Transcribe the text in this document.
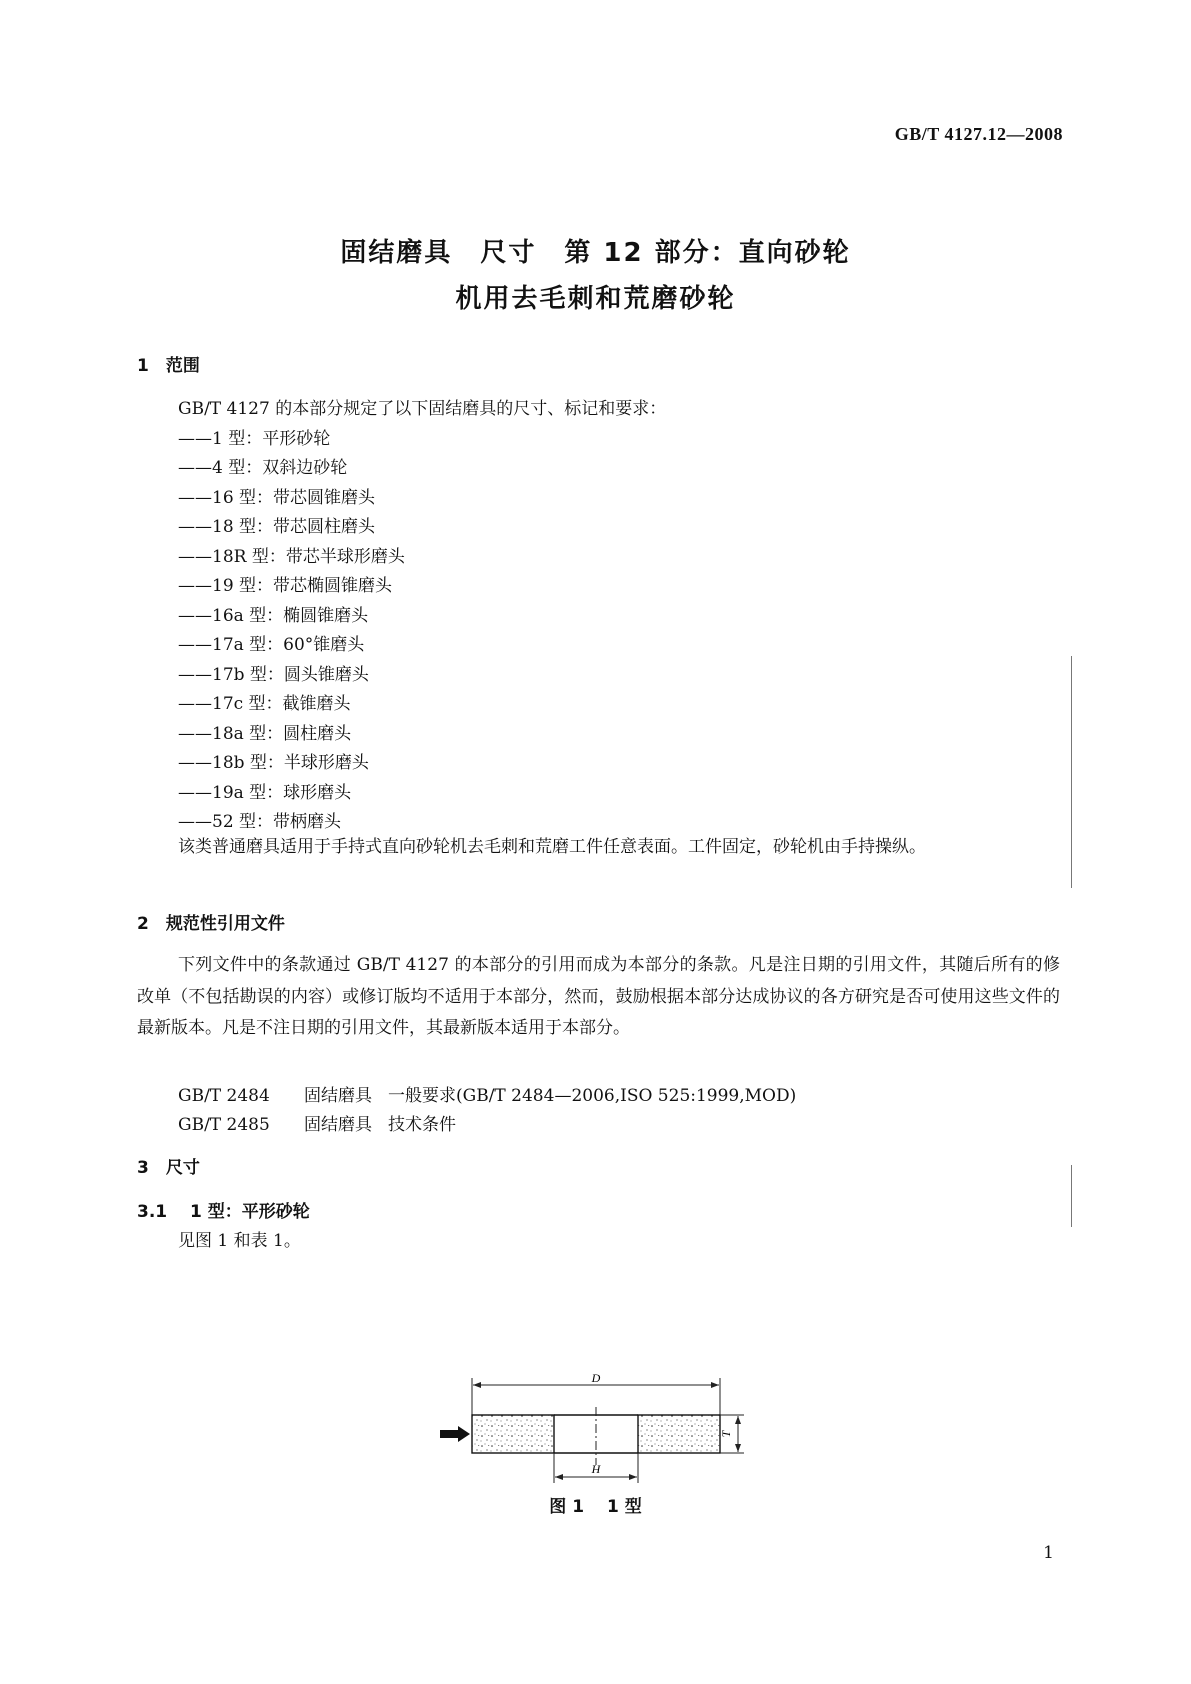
GB/T 4127.12—2008
固结磨具　尺寸　第 12 部分：直向砂轮
机用去毛刺和荒磨砂轮
1　范围
GB/T 4127 的本部分规定了以下固结磨具的尺寸、标记和要求：
——1 型：平形砂轮
——4 型：双斜边砂轮
——16 型：带芯圆锥磨头
——18 型：带芯圆柱磨头
——18R 型：带芯半球形磨头
——19 型：带芯椭圆锥磨头
——16a 型：椭圆锥磨头
——17a 型：60°锥磨头
——17b 型：圆头锥磨头
——17c 型：截锥磨头
——18a 型：圆柱磨头
——18b 型：半球形磨头
——19a 型：球形磨头
——52 型：带柄磨头

该类普通磨具适用于手持式直向砂轮机去毛刺和荒磨工件任意表面。工件固定，砂轮机由手持操纵。

2　规范性引用文件

下列文件中的条款通过 GB/T 4127 的本部分的引用而成为本部分的条款。凡是注日期的引用文件，其随后所有的修改单（不包括勘误的内容）或修订版均不适用于本部分，然而，鼓励根据本部分达成协议的各方研究是否可使用这些文件的最新版本。凡是不注日期的引用文件，其最新版本适用于本部分。

GB/T 2484 固结磨具 一般要求(GB/T 2484—2006,ISO 525:1999,MOD)
GB/T 2485 固结磨具 技术条件
3　尺寸
3.1　 1 型：平形砂轮
见图 1 和表 1。
D
T
H
图 1　 1 型
1
